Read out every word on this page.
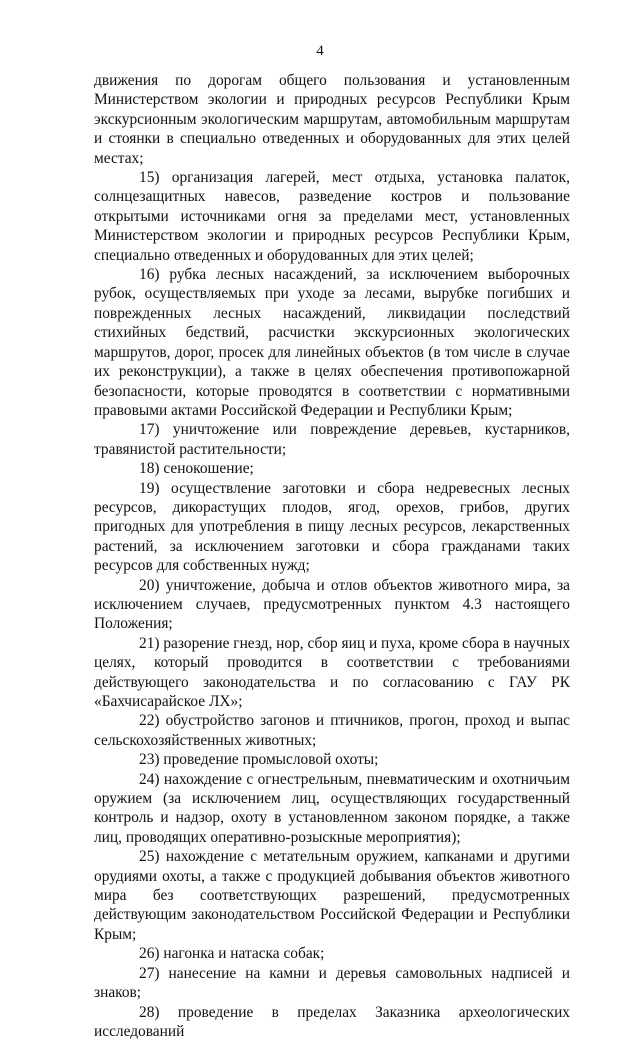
4

движения по дорогам общего пользования и установленным Министерством экологии и природных ресурсов Республики Крым экскурсионным экологическим маршрутам, автомобильным маршрутам и стоянки в специально отведенных и оборудованных для этих целей местах;

15) организация лагерей, мест отдыха, установка палаток, солнцезащитных навесов, разведение костров и пользование открытыми источниками огня за пределами мест, установленных Министерством экологии и природных ресурсов Республики Крым, специально отведенных и оборудованных для этих целей;

16) рубка лесных насаждений, за исключением выборочных рубок, осуществляемых при уходе за лесами, вырубке погибших и поврежденных лесных насаждений, ликвидации последствий стихийных бедствий, расчистки экскурсионных экологических маршрутов, дорог, просек для линейных объектов (в том числе в случае их реконструкции), а также в целях обеспечения противопожарной безопасности, которые проводятся в соответствии с нормативными правовыми актами Российской Федерации и Республики Крым;

17) уничтожение или повреждение деревьев, кустарников, травянистой растительности;

18) сенокошение;

19) осуществление заготовки и сбора недревесных лесных ресурсов, дикорастущих плодов, ягод, орехов, грибов, других пригодных для употребления в пищу лесных ресурсов, лекарственных растений, за исключением заготовки и сбора гражданами таких ресурсов для собственных нужд;

20) уничтожение, добыча и отлов объектов животного мира, за исключением случаев, предусмотренных пунктом 4.3 настоящего Положения;

21) разорение гнезд, нор, сбор яиц и пуха, кроме сбора в научных целях, который проводится в соответствии с требованиями действующего законодательства и по согласованию с ГАУ РК «Бахчисарайское ЛХ»;

22) обустройство загонов и птичников, прогон, проход и выпас сельскохозяйственных животных;

23) проведение промысловой охоты;

24) нахождение с огнестрельным, пневматическим и охотничьим оружием (за исключением лиц, осуществляющих государственный контроль и надзор, охоту в установленном законом порядке, а также лиц, проводящих оперативно-розыскные мероприятия);

25) нахождение с метательным оружием, капканами и другими орудиями охоты, а также с продукцией добывания объектов животного мира без соответствующих разрешений, предусмотренных действующим законодательством Российской Федерации и Республики Крым;

26) нагонка и натаска собак;

27) нанесение на камни и деревья самовольных надписей и знаков;

28) проведение в пределах Заказника археологических исследований
